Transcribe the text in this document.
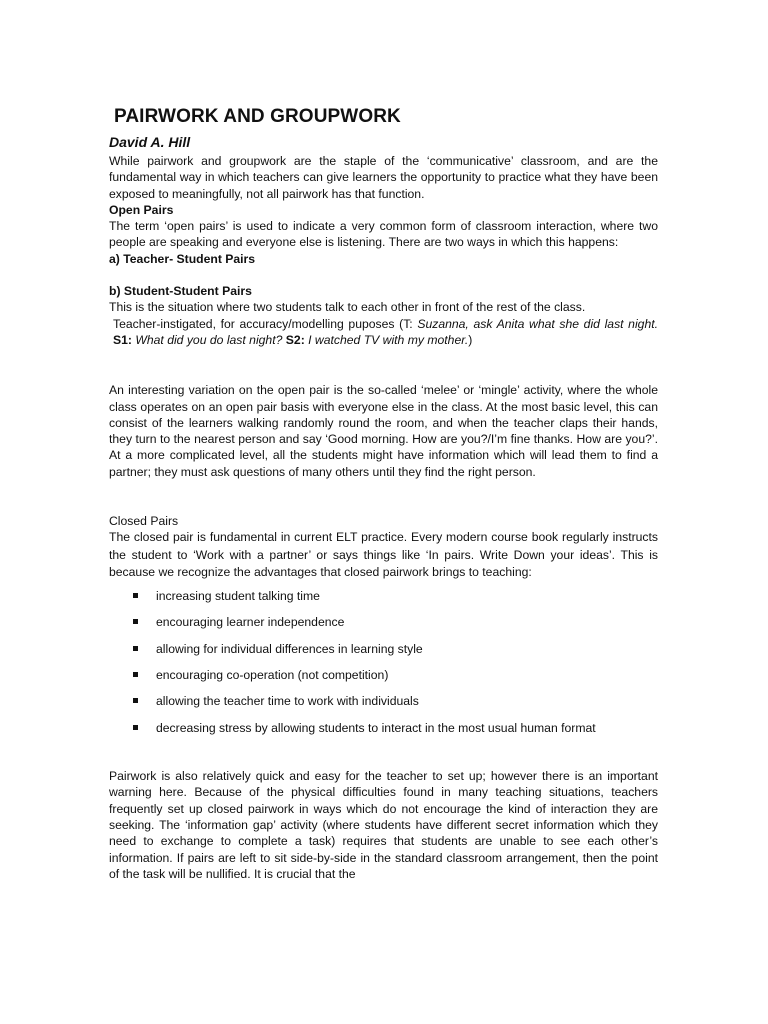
PAIRWORK AND GROUPWORK
David A. Hill

While pairwork and groupwork are the staple of the ‘communicative’ classroom, and are the fundamental way in which teachers can give learners the opportunity to practice what they have been exposed to meaningfully, not all pairwork has that function.

Open Pairs

The term ‘open pairs’ is used to indicate a very common form of classroom interaction, where two people are speaking and everyone else is listening. There are two ways in which this happens:

a) Teacher- Student Pairs
b) Student-Student Pairs

This is the situation where two students talk to each other in front of the rest of the class.

Teacher-instigated, for accuracy/modelling puposes (T: Suzanna, ask Anita what she did last night. S1: What did you do last night? S2: I watched TV with my mother.)

An interesting variation on the open pair is the so-called ‘melee’ or ‘mingle’ activity, where the whole class operates on an open pair basis with everyone else in the class. At the most basic level, this can consist of the learners walking randomly round the room, and when the teacher claps their hands, they turn to the nearest person and say ‘Good morning. How are you?/I’m fine thanks. How are you?’. At a more complicated level, all the students might have information which will lead them to find a partner; they must ask questions of many others until they find the right person.

Closed Pairs

The closed pair is fundamental in current ELT practice. Every modern course book regularly instructs the student to ‘Work with a partner’ or says things like ‘In pairs. Write Down your ideas’. This is because we recognize the advantages that closed pairwork brings to teaching:

increasing student talking time
encouraging learner independence
allowing for individual differences in learning style
encouraging co-operation (not competition)
allowing the teacher time to work with individuals
decreasing stress by allowing students to interact in the most usual human format

Pairwork is also relatively quick and easy for the teacher to set up; however there is an important warning here. Because of the physical difficulties found in many teaching situations, teachers frequently set up closed pairwork in ways which do not encourage the kind of interaction they are seeking. The ‘information gap’ activity (where students have different secret information which they need to exchange to complete a task) requires that students are unable to see each other’s information. If pairs are left to sit side-by-side in the standard classroom arrangement, then the point of the task will be nullified. It is crucial that the
